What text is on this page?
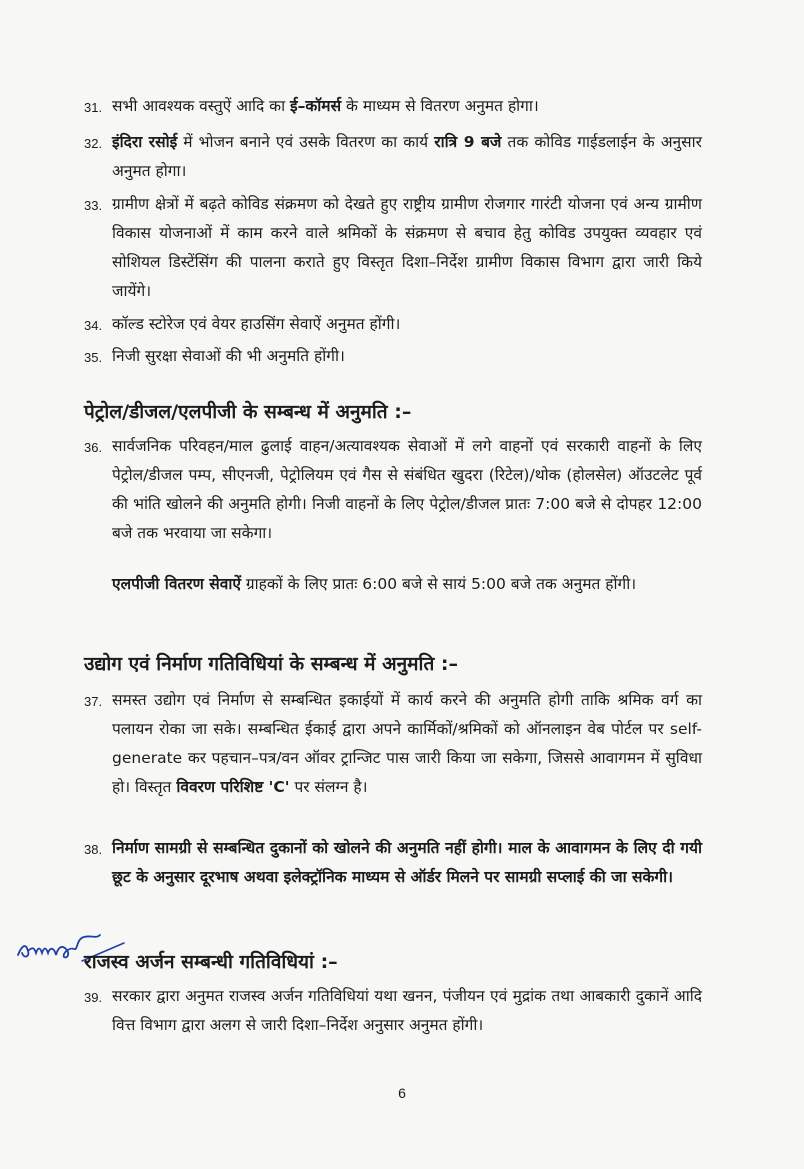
31. सभी आवश्यक वस्तुऐं आदि का ई–कॉमर्स के माध्यम से वितरण अनुमत होगा।
32. इंदिरा रसोई में भोजन बनाने एवं उसके वितरण का कार्य रात्रि 9 बजे तक कोविड गाईडलाईन के अनुसार अनुमत होगा।
33. ग्रामीण क्षेत्रों में बढ़ते कोविड संक्रमण को देखते हुए राष्ट्रीय ग्रामीण रोजगार गारंटी योजना एवं अन्य ग्रामीण विकास योजनाओं में काम करने वाले श्रमिकों के संक्रमण से बचाव हेतु कोविड उपयुक्त व्यवहार एवं सोशियल डिस्टेंसिंग की पालना कराते हुए विस्तृत दिशा–निर्देश ग्रामीण विकास विभाग द्वारा जारी किये जायेंगे।
34. कॉल्ड स्टोरेज एवं वेयर हाउसिंग सेवाऐं अनुमत होंगी।
35. निजी सुरक्षा सेवाओं की भी अनुमति होंगी।
पेट्रोल/डीजल/एलपीजी के सम्बन्ध में अनुमति :–
36. सार्वजनिक परिवहन/माल ढुलाई वाहन/अत्यावश्यक सेवाओं में लगे वाहनों एवं सरकारी वाहनों के लिए पेट्रोल/डीजल पम्प, सीएनजी, पेट्रोलियम एवं गैस से संबंधित खुदरा (रिटेल)/थोक (होलसेल) ऑउटलेट पूर्व की भांति खोलने की अनुमति होगी। निजी वाहनों के लिए पेट्रोल/डीजल प्रातः 7:00 बजे से दोपहर 12:00 बजे तक भरवाया जा सकेगा।
एलपीजी वितरण सेवाऐं ग्राहकों के लिए प्रातः 6:00 बजे से सायं 5:00 बजे तक अनुमत होंगी।
उद्योग एवं निर्माण गतिविधियां के सम्बन्ध में अनुमति :–
37. समस्त उद्योग एवं निर्माण से सम्बन्धित इकाईयों में कार्य करने की अनुमति होगी ताकि श्रमिक वर्ग का पलायन रोका जा सके। सम्बन्धित ईकाई द्वारा अपने कार्मिकों/श्रमिकों को ऑनलाइन वेब पोर्टल पर self-generate कर पहचान–पत्र/वन ऑवर ट्रान्जिट पास जारी किया जा सकेगा, जिससे आवागमन में सुविधा हो। विस्तृत विवरण परिशिष्ट 'C' पर संलग्न है।
38. निर्माण सामग्री से सम्बन्धित दुकानों को खोलने की अनुमति नहीं होगी। माल के आवागमन के लिए दी गयी छूट के अनुसार दूरभाष अथवा इलेक्ट्रॉनिक माध्यम से ऑर्डर मिलने पर सामग्री सप्लाई की जा सकेगी।
राजस्व अर्जन सम्बन्धी गतिविधियां :–
39. सरकार द्वारा अनुमत राजस्व अर्जन गतिविधियां यथा खनन, पंजीयन एवं मुद्रांक तथा आबकारी दुकानें आदि वित्त विभाग द्वारा अलग से जारी दिशा–निर्देश अनुसार अनुमत होंगी।
6
